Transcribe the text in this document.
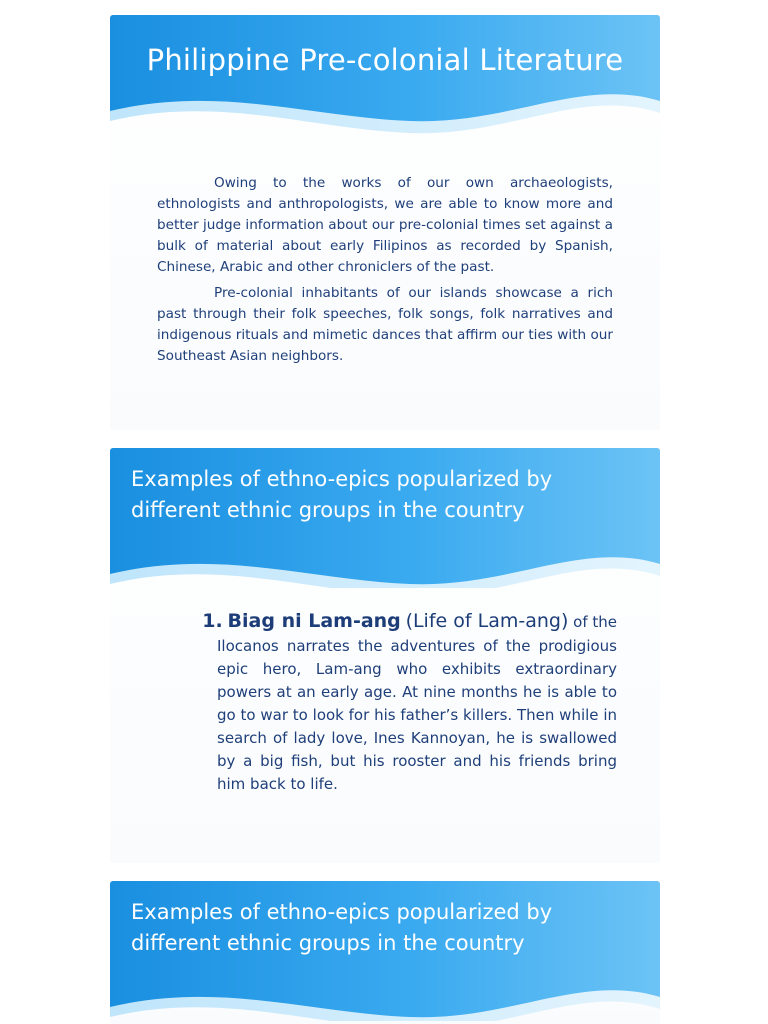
Philippine Pre-colonial Literature

Owing to the works of our own archaeologists, ethnologists and anthropologists, we are able to know more and better judge information about our pre-colonial times set against a bulk of material about early Filipinos as recorded by Spanish, Chinese, Arabic and other chroniclers of the past.

Pre-colonial inhabitants of our islands showcase a rich past through their folk speeches, folk songs, folk narratives and indigenous rituals and mimetic dances that affirm our ties with our Southeast Asian neighbors.

Examples of ethno-epics popularized by different ethnic groups in the country
1. Biag ni Lam-ang (Life of Lam-ang) of the
Ilocanos narrates the adventures of the prodigious epic hero, Lam-ang who exhibits extraordinary powers at an early age. At nine months he is able to go to war to look for his father’s killers. Then while in search of lady love, Ines Kannoyan, he is swallowed by a big fish, but his rooster and his friends bring him back to life.
Examples of ethno-epics popularized by different ethnic groups in the country
